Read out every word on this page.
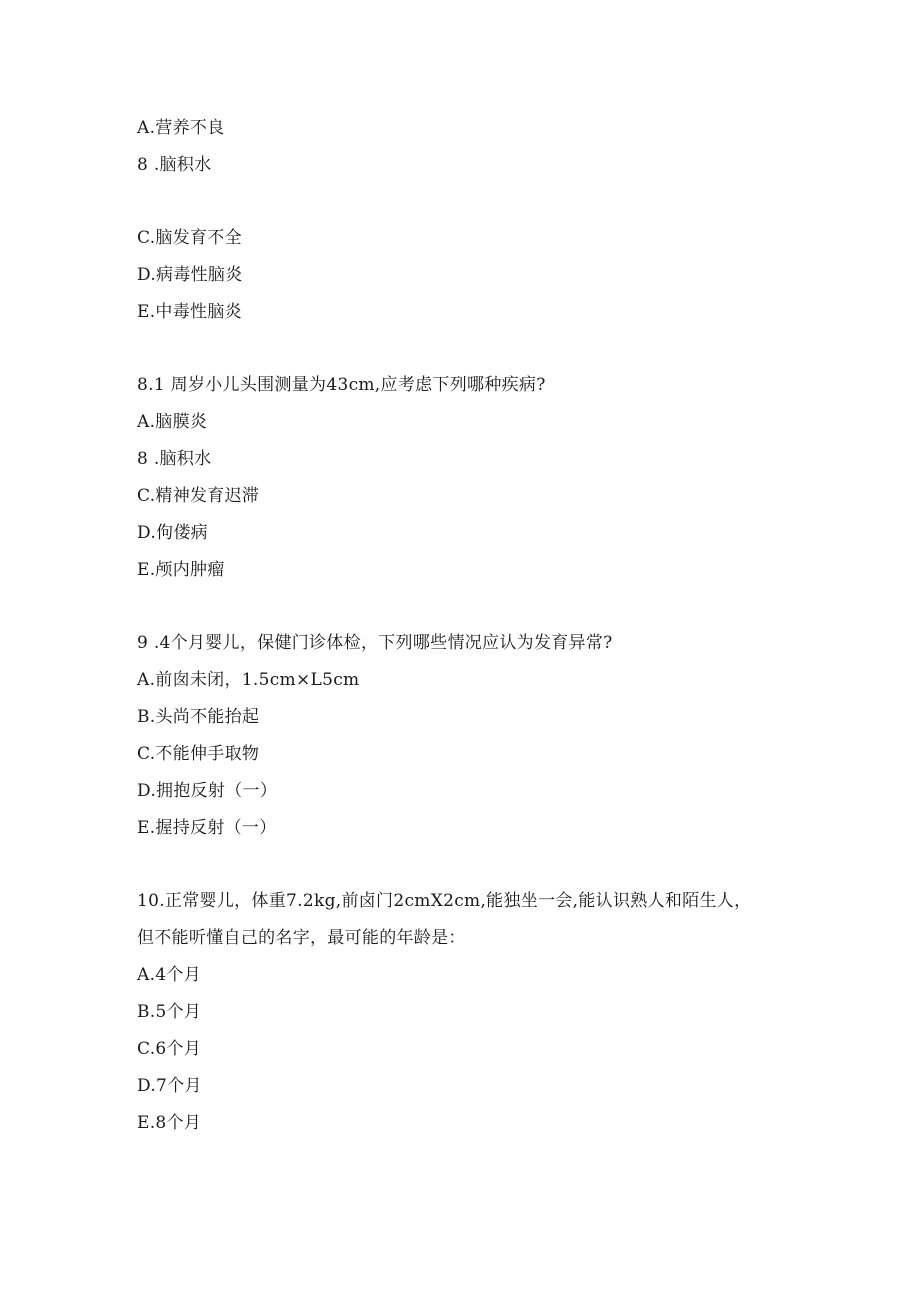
A.营养不良
8 .脑积水
C.脑发育不全
D.病毒性脑炎
E.中毒性脑炎
8.1 周岁小儿头围测量为43cm,应考虑下列哪种疾病?
A.脑膜炎
8 .脑积水
C.精神发育迟滞
D.佝偻病
E.颅内肿瘤
9 .4个月婴儿，保健门诊体检，下列哪些情况应认为发育异常?
A.前囱未闭，1.5cm×L5cm
B.头尚不能抬起
C.不能伸手取物
D.拥抱反射（一）
E.握持反射（一）
10.正常婴儿，体重7.2kg,前卤门2cmX2cm,能独坐一会,能认识熟人和陌生人，
但不能听懂自己的名字，最可能的年龄是：
A.4个月
B.5个月
C.6个月
D.7个月
E.8个月
